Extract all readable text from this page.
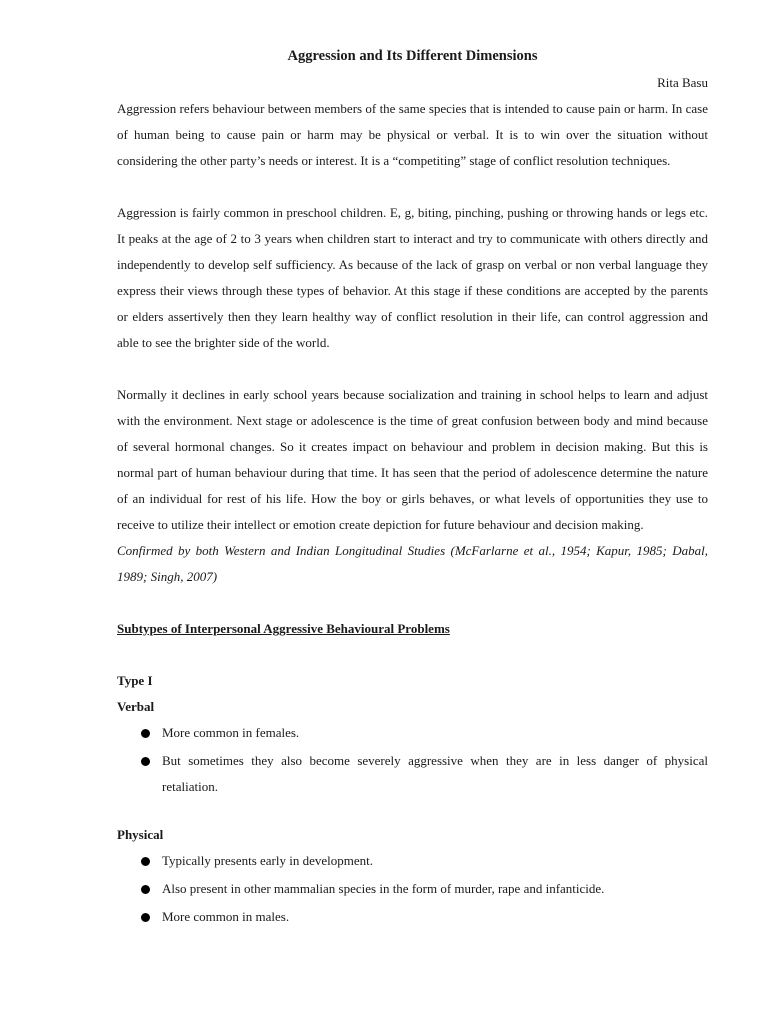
Aggression and Its Different Dimensions

Rita Basu

Aggression refers behaviour between members of the same species that is intended to cause pain or harm. In case of human being to cause pain or harm may be physical or verbal. It is to win over the situation without considering the other party’s needs or interest. It is a “competiting” stage of conflict resolution techniques.

Aggression is fairly common in preschool children. E, g, biting, pinching, pushing or throwing hands or legs etc. It peaks at the age of 2 to 3 years when children start to interact and try to communicate with others directly and independently to develop self sufficiency. As because of the lack of grasp on verbal or non verbal language they express their views through these types of behavior. At this stage if these conditions are accepted by the parents or elders assertively then they learn healthy way of conflict resolution in their life, can control aggression and able to see the brighter side of the world.

Normally it declines in early school years because socialization and training in school helps to learn and adjust with the environment. Next stage or adolescence is the time of great confusion between body and mind because of several hormonal changes. So it creates impact on behaviour and problem in decision making. But this is normal part of human behaviour during that time. It has seen that the period of adolescence determine the nature of an individual for rest of his life. How the boy or girls behaves, or what levels of opportunities they use to receive to utilize their intellect or emotion create depiction for future behaviour and decision making.

Confirmed by both Western and Indian Longitudinal Studies (McFarlarne et al., 1954; Kapur, 1985; Dabal, 1989; Singh, 2007)

Subtypes of Interpersonal Aggressive Behavioural Problems

Type I

Verbal

More common in females.
But sometimes they also become severely aggressive when they are in less danger of physical retaliation.

Physical

Typically presents early in development.
Also present in other mammalian species in the form of murder, rape and infanticide.
More common in males.
